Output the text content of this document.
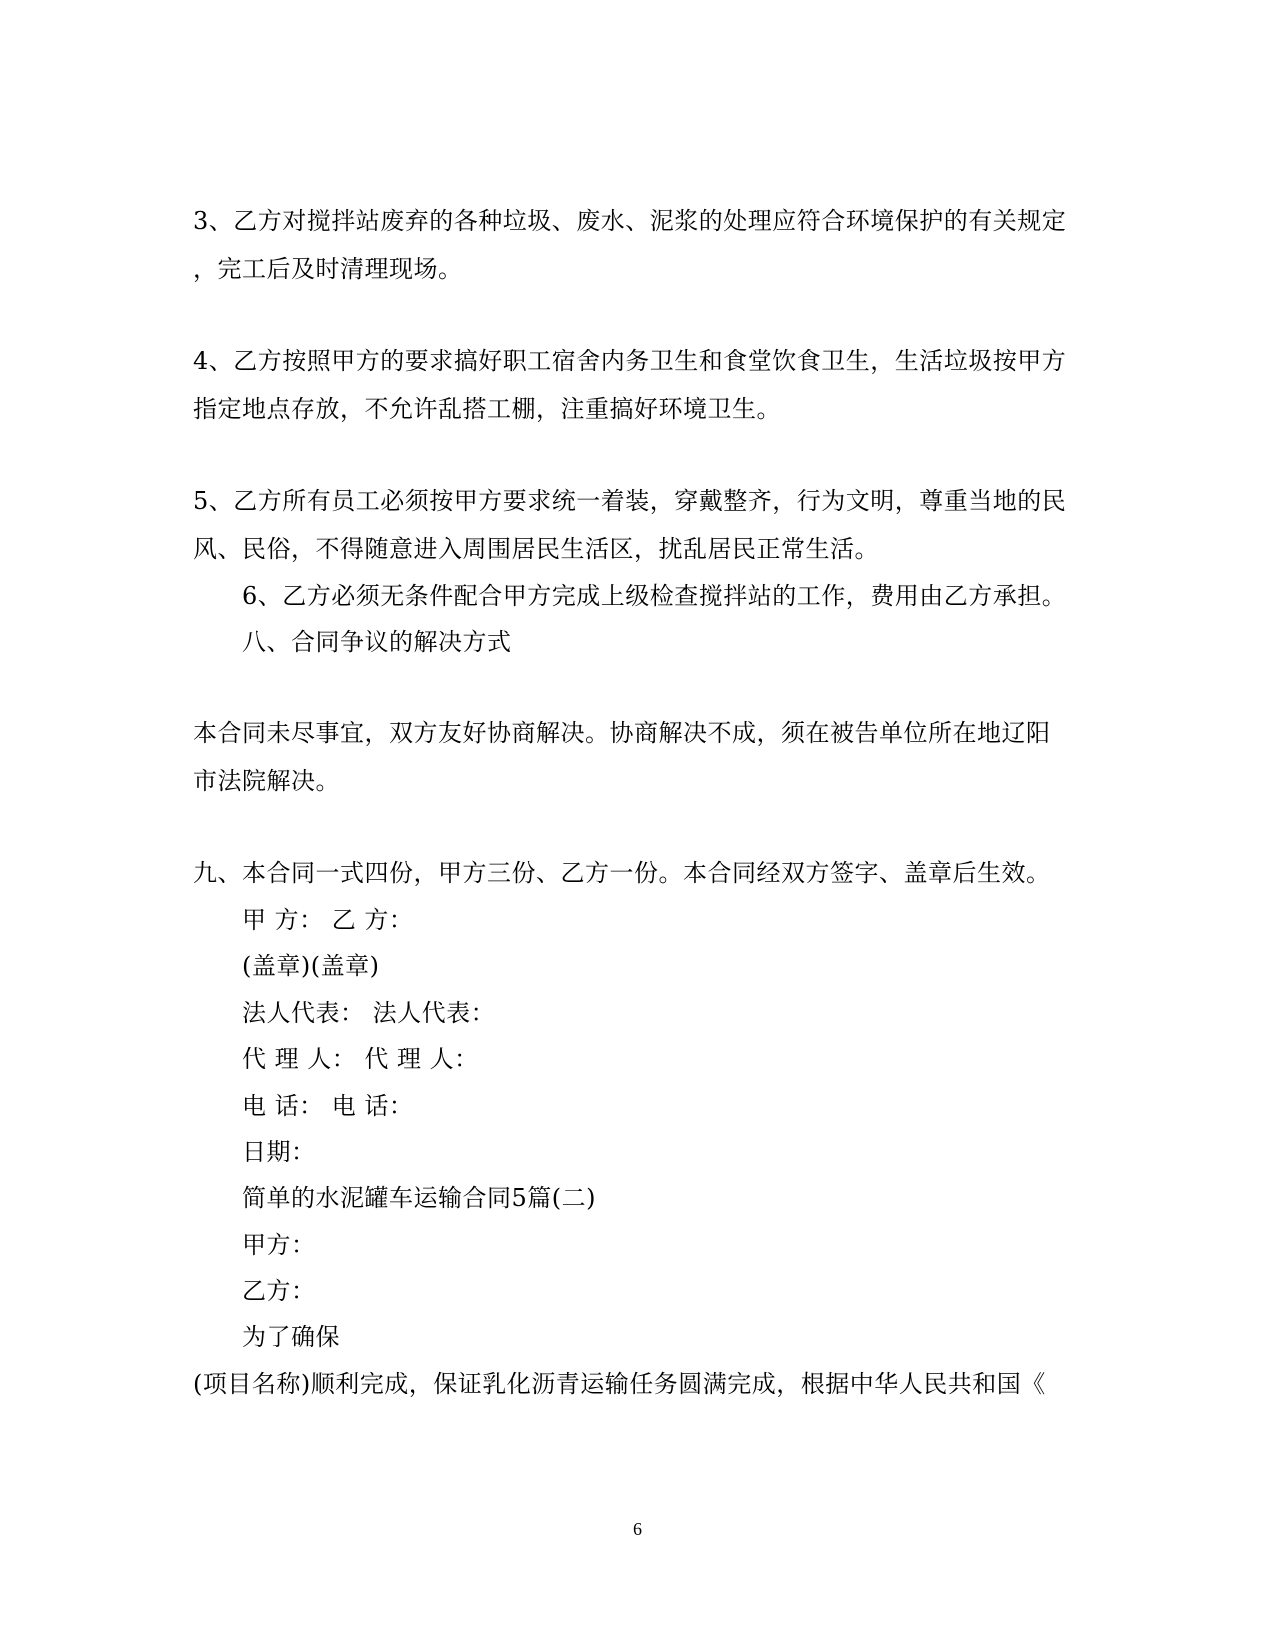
3、乙方对搅拌站废弃的各种垃圾、废水、泥浆的处理应符合环境保护的有关规定
，完工后及时清理现场。
4、乙方按照甲方的要求搞好职工宿舍内务卫生和食堂饮食卫生，生活垃圾按甲方
指定地点存放，不允许乱搭工棚，注重搞好环境卫生。
5、乙方所有员工必须按甲方要求统一着装，穿戴整齐，行为文明，尊重当地的民
风、民俗，不得随意进入周围居民生活区，扰乱居民正常生活。
6、乙方必须无条件配合甲方完成上级检查搅拌站的工作，费用由乙方承担。
八、合同争议的解决方式
本合同未尽事宜，双方友好协商解决。协商解决不成，须在被告单位所在地辽阳
市法院解决。
九、本合同一式四份，甲方三份、乙方一份。本合同经双方签字、盖章后生效。
甲 方： 乙 方：
(盖章)(盖章)
法人代表： 法人代表：
代 理 人： 代 理 人：
电 话： 电 话：
日期：
简单的水泥罐车运输合同5篇(二)
甲方：
乙方：
为了确保
(项目名称)顺利完成，保证乳化沥青运输任务圆满完成，根据中华人民共和国《
6
